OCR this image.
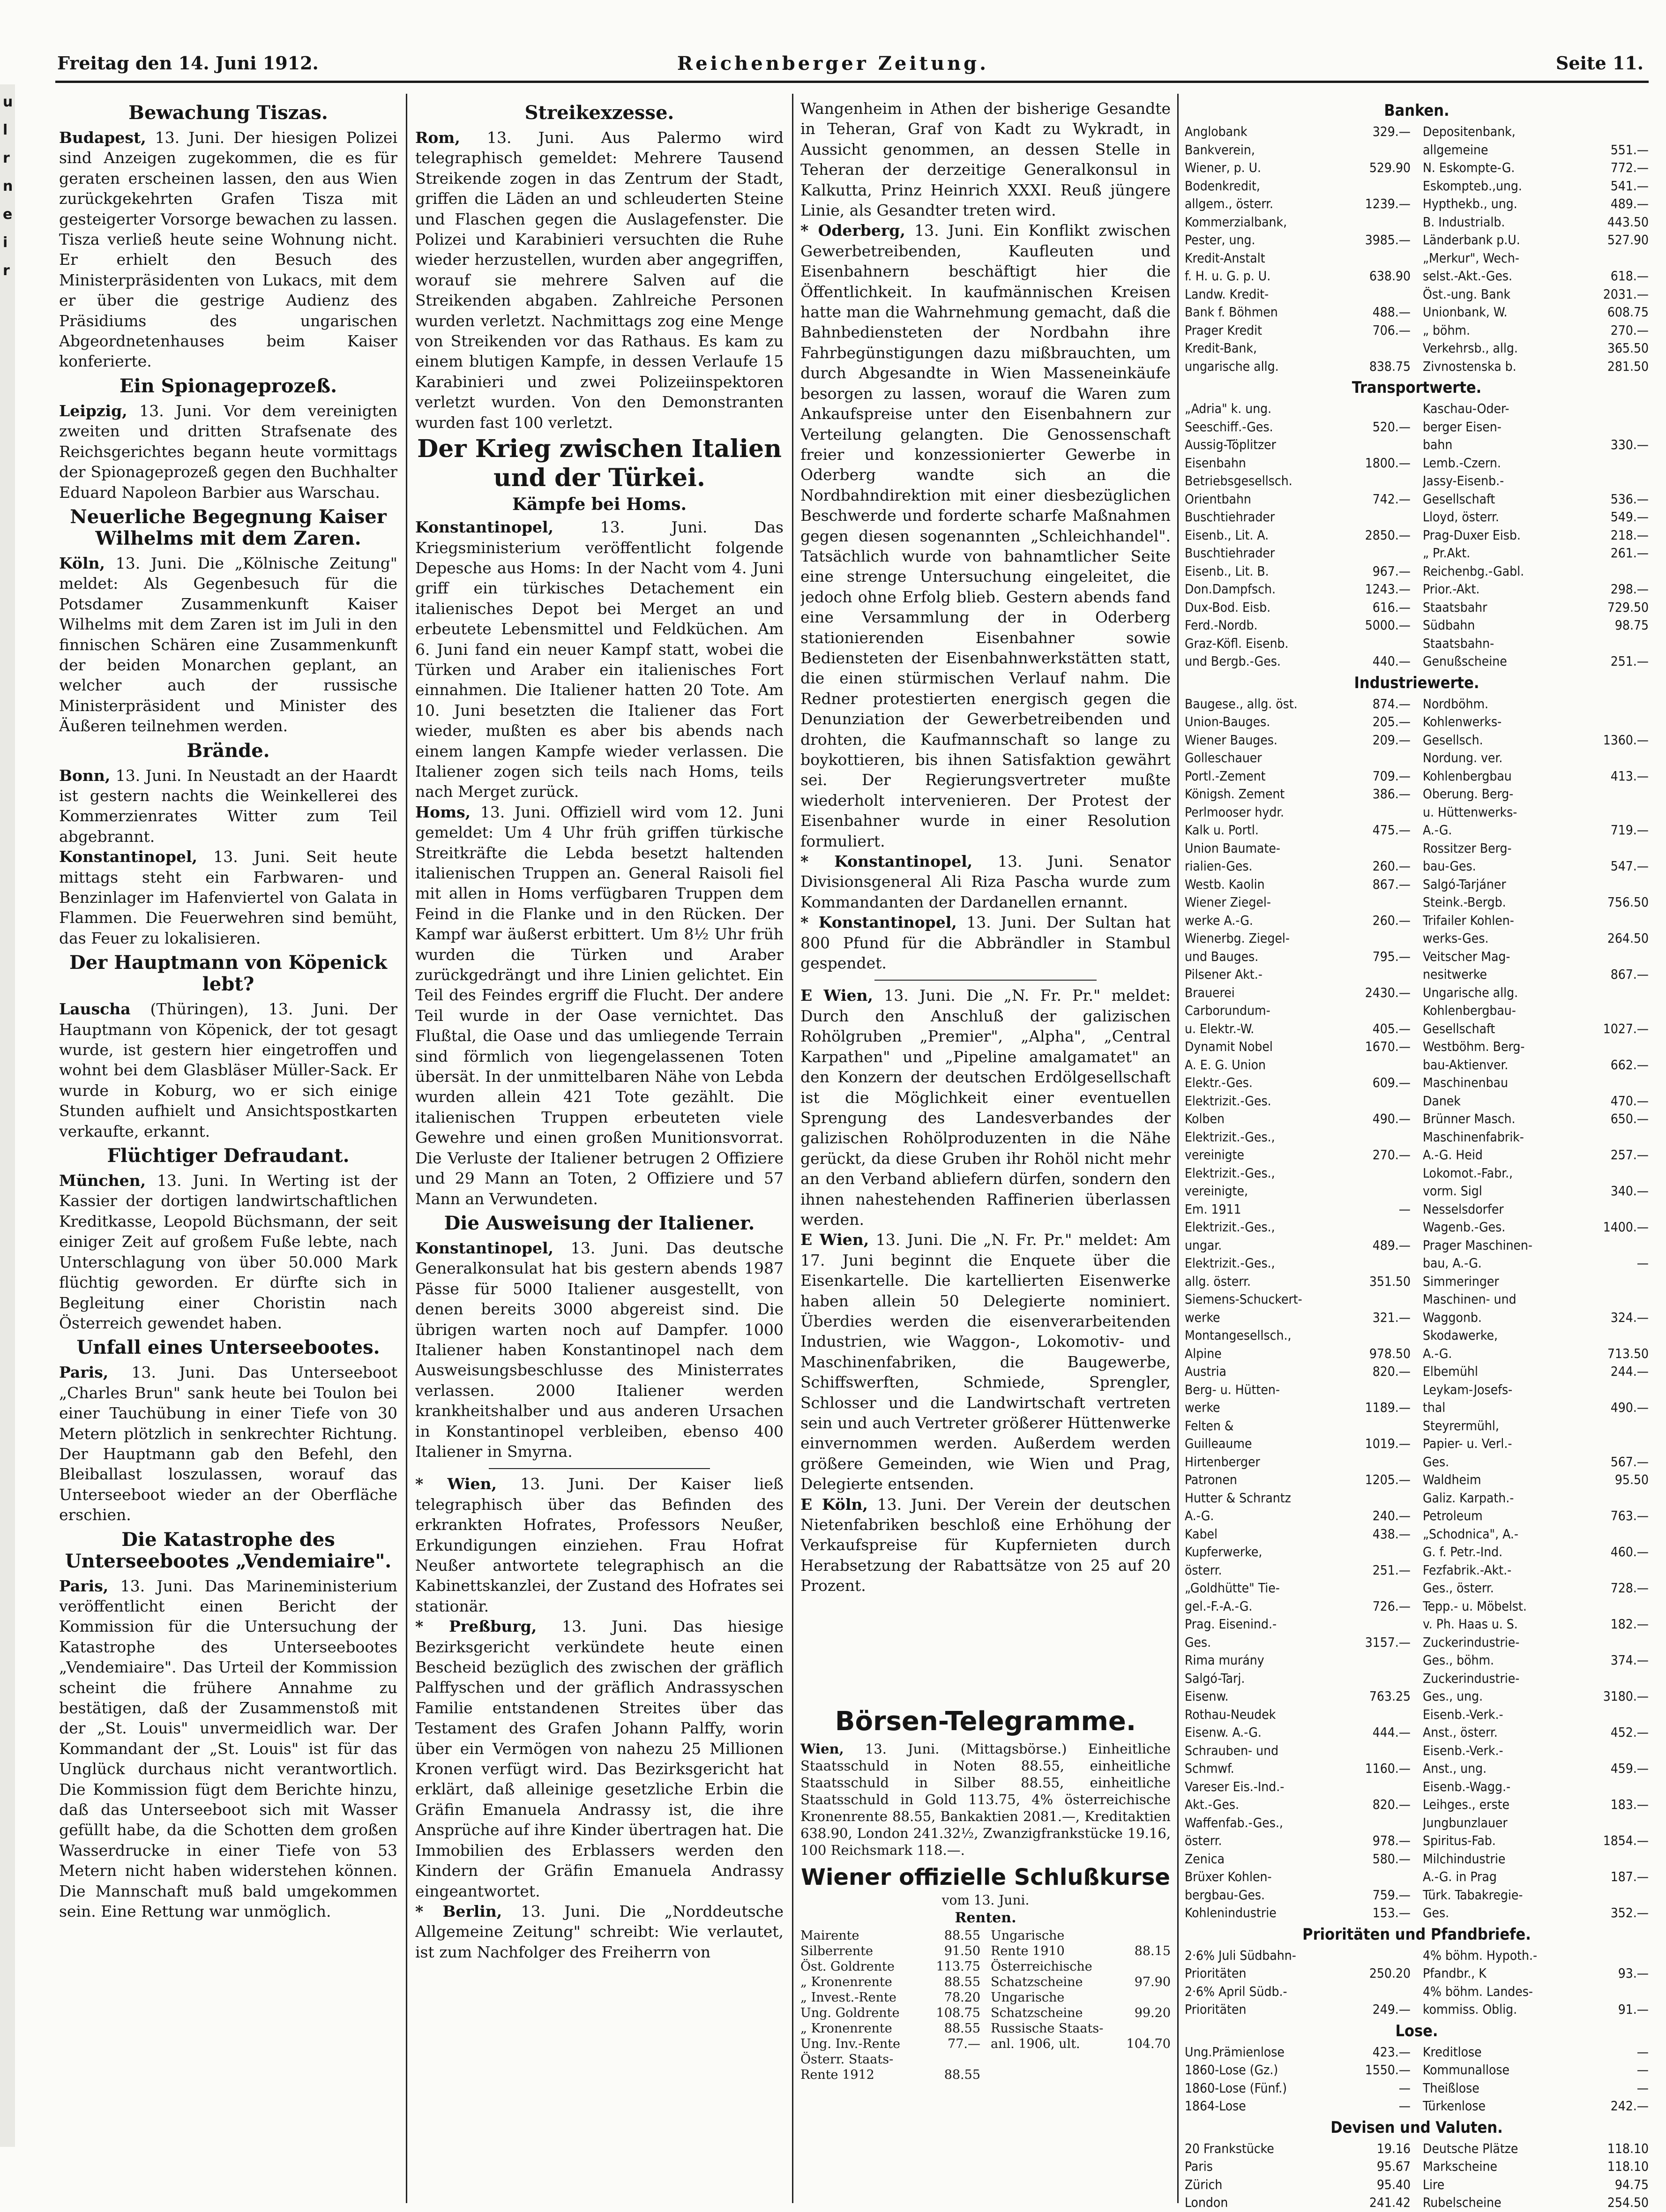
u
l
r
n
e
i
r
Freitag den 14. Juni 1912.	Reichenberger Zeitung.	Seite 11.
Bewachung Tiszas.

Budapest, 13. Juni. Der hiesigen Polizei sind Anzeigen zugekommen, die es für geraten erscheinen lassen, den aus Wien zurückgekehrten Grafen Tisza mit gesteigerter Vorsorge bewachen zu lassen. Tisza verließ heute seine Wohnung nicht. Er erhielt den Besuch des Ministerpräsidenten von Lukacs, mit dem er über die gestrige Audienz des Präsidiums des ungarischen Abgeordnetenhauses beim Kaiser konferierte.

Ein Spionageprozeß.

Leipzig, 13. Juni. Vor dem vereinigten zweiten und dritten Strafsenate des Reichsgerichtes begann heute vormittags der Spionageprozeß gegen den Buchhalter Eduard Napoleon Barbier aus Warschau.

Neuerliche Begegnung Kaiser Wilhelms mit dem Zaren.

Köln, 13. Juni. Die „Kölnische Zeitung" meldet: Als Gegenbesuch für die Potsdamer Zusammenkunft Kaiser Wilhelms mit dem Zaren ist im Juli in den finnischen Schären eine Zusammenkunft der beiden Monarchen geplant, an welcher auch der russische Ministerpräsident und Minister des Äußeren teilnehmen werden.

Brände.

Bonn, 13. Juni. In Neustadt an der Haardt ist gestern nachts die Weinkellerei des Kommerzienrates Witter zum Teil abgebrannt.

Konstantinopel, 13. Juni. Seit heute mittags steht ein Farbwaren- und Benzinlager im Hafenviertel von Galata in Flammen. Die Feuerwehren sind bemüht, das Feuer zu lokalisieren.

Der Hauptmann von Köpenick lebt?

Lauscha (Thüringen), 13. Juni. Der Hauptmann von Köpenick, der tot gesagt wurde, ist gestern hier eingetroffen und wohnt bei dem Glasbläser Müller-Sack. Er wurde in Koburg, wo er sich einige Stunden aufhielt und Ansichtspostkarten verkaufte, erkannt.

Flüchtiger Defraudant.

München, 13. Juni. In Werting ist der Kassier der dortigen landwirtschaftlichen Kreditkasse, Leopold Büchsmann, der seit einiger Zeit auf großem Fuße lebte, nach Unterschlagung von über 50.000 Mark flüchtig geworden. Er dürfte sich in Begleitung einer Choristin nach Österreich gewendet haben.

Unfall eines Unterseebootes.

Paris, 13. Juni. Das Unterseeboot „Charles Brun" sank heute bei Toulon bei einer Tauchübung in einer Tiefe von 30 Metern plötzlich in senkrechter Richtung. Der Hauptmann gab den Befehl, den Bleiballast loszulassen, worauf das Unterseeboot wieder an der Oberfläche erschien.

Die Katastrophe des Unterseebootes „Vendemiaire".

Paris, 13. Juni. Das Marineministerium veröffentlicht einen Bericht der Kommission für die Untersuchung der Katastrophe des Unterseebootes „Vendemiaire". Das Urteil der Kommission scheint die frühere Annahme zu bestätigen, daß der Zusammenstoß mit der „St. Louis" unvermeidlich war. Der Kommandant der „St. Louis" ist für das Unglück durchaus nicht verantwortlich. Die Kommission fügt dem Berichte hinzu, daß das Unterseeboot sich mit Wasser gefüllt habe, da die Schotten dem großen Wasserdrucke in einer Tiefe von 53 Metern nicht haben widerstehen können. Die Mannschaft muß bald umgekommen sein. Eine Rettung war unmöglich.

Streikexzesse.

Rom, 13. Juni. Aus Palermo wird telegraphisch gemeldet: Mehrere Tausend Streikende zogen in das Zentrum der Stadt, griffen die Läden an und schleuderten Steine und Flaschen gegen die Auslagefenster. Die Polizei und Karabinieri versuchten die Ruhe wieder herzustellen, wurden aber angegriffen, worauf sie mehrere Salven auf die Streikenden abgaben. Zahlreiche Personen wurden verletzt. Nachmittags zog eine Menge von Streikenden vor das Rathaus. Es kam zu einem blutigen Kampfe, in dessen Verlaufe 15 Karabinieri und zwei Polizeiinspektoren verletzt wurden. Von den Demonstranten wurden fast 100 verletzt.

Der Krieg zwischen Italien und der Türkei.
Kämpfe bei Homs.

Konstantinopel,	13. Juni. Das Kriegsministerium veröffentlicht folgende Depesche aus Homs: In der Nacht vom 4. Juni griff ein türkisches Detachement ein italienisches Depot bei Merget an und erbeutete Lebensmittel und Feldküchen. Am 6. Juni fand ein neuer Kampf statt, wobei die Türken und Araber ein italienisches Fort einnahmen. Die Italiener hatten 20 Tote. Am 10. Juni besetzten die Italiener das Fort wieder, mußten es aber bis abends nach einem langen Kampfe wieder verlassen. Die Italiener zogen sich teils nach Homs, teils nach Merget zurück.

Homs, 13. Juni. Offiziell wird vom 12. Juni gemeldet: Um 4 Uhr früh griffen türkische Streitkräfte die Lebda besetzt haltenden italienischen Truppen an. General Raisoli fiel mit allen in Homs verfügbaren Truppen dem Feind in die Flanke und in den Rücken. Der Kampf war äußerst erbittert. Um 8½ Uhr früh wurden die Türken und Araber zurückgedrängt und ihre Linien gelichtet. Ein Teil des Feindes ergriff die Flucht. Der andere Teil wurde in der Oase vernichtet. Das Flußtal, die Oase und das umliegende Terrain sind förmlich von liegengelassenen Toten übersät. In der unmittelbaren Nähe von Lebda wurden allein 421 Tote gezählt. Die italienischen Truppen erbeuteten viele Gewehre und einen großen Munitionsvorrat. Die Verluste der Italiener betrugen 2 Offiziere und 29 Mann an Toten, 2 Offiziere und 57 Mann an Verwundeten.

Die Ausweisung der Italiener.

Konstantinopel, 13. Juni. Das deutsche Generalkonsulat hat bis gestern abends 1987 Pässe für 5000 Italiener ausgestellt, von denen bereits 3000 abgereist sind. Die übrigen warten noch auf Dampfer. 1000 Italiener haben Konstantinopel nach dem Ausweisungsbeschlusse des Ministerrates verlassen. 2000 Italiener werden krankheitshalber und aus anderen Ursachen in Konstantinopel verbleiben, ebenso 400 Italiener in Smyrna.

* Wien, 13. Juni. Der Kaiser ließ telegraphisch über das Befinden des erkrankten Hofrates, Professors Neußer, Erkundigungen einziehen. Frau Hofrat Neußer antwortete telegraphisch an die Kabinettskanzlei, der Zustand des Hofrates sei stationär.

* Preßburg, 13. Juni. Das hiesige Bezirksgericht verkündete heute einen Bescheid bezüglich des zwischen der gräflich Palffyschen und der gräflich Andrassyschen Familie entstandenen Streites über das Testament des Grafen Johann Palffy, worin über ein Vermögen von nahezu 25 Millionen Kronen verfügt wird. Das Bezirksgericht hat erklärt, daß alleinige gesetzliche Erbin die Gräfin Emanuela Andrassy ist, die ihre Ansprüche auf ihre Kinder übertragen hat. Die Immobilien des Erblassers werden den Kindern der Gräfin Emanuela Andrassy eingeantwortet.

* Berlin, 13. Juni. Die „Norddeutsche Allgemeine Zeitung" schreibt: Wie verlautet, ist zum Nachfolger des Freiherrn von

Wangenheim in Athen der bisherige Gesandte in Teheran, Graf von Kadt zu Wykradt, in Aussicht genommen, an dessen Stelle in Teheran der derzeitige Generalkonsul in Kalkutta, Prinz Heinrich XXXI. Reuß jüngere Linie, als Gesandter treten wird.

* Oderberg, 13. Juni. Ein Konflikt zwischen Gewerbetreibenden, Kaufleuten und Eisenbahnern beschäftigt hier die Öffentlichkeit. In kaufmännischen Kreisen hatte man die Wahrnehmung gemacht, daß die Bahnbediensteten der Nordbahn ihre Fahrbegünstigungen dazu mißbrauchten, um durch Abgesandte in Wien Masseneinkäufe besorgen zu lassen, worauf die Waren zum Ankaufspreise unter den Eisenbahnern zur Verteilung gelangten. Die Genossenschaft freier und konzessionierter Gewerbe in Oderberg wandte sich an die Nordbahndirektion mit einer diesbezüglichen Beschwerde und forderte scharfe Maßnahmen gegen diesen sogenannten „Schleichhandel". Tatsächlich wurde von bahnamtlicher Seite eine strenge Untersuchung eingeleitet, die jedoch ohne Erfolg blieb. Gestern abends fand eine Versammlung der in Oderberg stationierenden Eisenbahner sowie Bediensteten der Eisenbahnwerkstätten statt, die einen stürmischen Verlauf nahm. Die Redner protestierten energisch gegen die Denunziation der Gewerbetreibenden und drohten, die Kaufmannschaft so lange zu boykottieren, bis ihnen Satisfaktion gewährt sei. Der Regierungsvertreter mußte wiederholt intervenieren. Der Protest der Eisenbahner wurde in einer Resolution formuliert.

* Konstantinopel, 13. Juni. Senator Divisionsgeneral Ali Riza Pascha wurde zum Kommandanten der Dardanellen ernannt.

* Konstantinopel, 13. Juni. Der Sultan hat 800 Pfund für die Abbrändler in Stambul gespendet.

E Wien, 13. Juni. Die „N. Fr. Pr." meldet: Durch den Anschluß der galizischen Rohölgruben „Premier", „Alpha", „Central Karpathen" und „Pipeline amalgamatet" an den Konzern der deutschen Erdölgesellschaft ist die Möglichkeit einer eventuellen Sprengung des Landesverbandes der galizischen Rohölproduzenten in die Nähe gerückt, da diese Gruben ihr Rohöl nicht mehr an den Verband abliefern dürfen, sondern den ihnen nahestehenden Raffinerien überlassen werden.

E Wien, 13. Juni. Die „N. Fr. Pr." meldet: Am 17. Juni beginnt die Enquete über die Eisenkartelle. Die kartellierten Eisenwerke haben allein 50 Delegierte nominiert. Überdies werden die eisenverarbeitenden Industrien, wie Waggon-, Lokomotiv- und Maschinenfabriken, die Baugewerbe, Schiffswerften, Schmiede, Sprengler, Schlosser und die Landwirtschaft vertreten sein und auch Vertreter größerer Hüttenwerke einvernommen werden. Außerdem werden größere Gemeinden, wie Wien und Prag, Delegierte entsenden.

E Köln, 13. Juni. Der Verein der deutschen Nietenfabriken beschloß eine Erhöhung der Verkaufspreise für Kupfernieten durch Herabsetzung der Rabattsätze von 25 auf 20 Prozent.

Börsen-Telegramme.

Wien, 13. Juni. (Mittagsbörse.) Einheitliche Staatsschuld in Noten 88.55, einheitliche Staatsschuld in Silber 88.55, einheitliche Staatsschuld in Gold 113.75, 4% österreichische Kronenrente 88.55, Bankaktien 2081.—, Kreditaktien 638.90, London 241.32½, Zwanzigfrankstücke 19.16, 100 Reichsmark 118.—.

Wiener offizielle Schlußkurse
vom 13. Juni.
Renten.
Mairente	88.55
Silberrente	91.50
Öst. Goldrente	113.75
„ Kronenrente	88.55
„ Invest.-Rente	78.20
Ung. Goldrente	108.75
„ Kronenrente	88.55
Ung. Inv.-Rente	77.—
Österr. Staats-
Rente 1912	88.55
Ungarische
Rente 1910	88.15
Österreichische
Schatzscheine	97.90
Ungarische
Schatzscheine	99.20
Russische Staats-
anl. 1906, ult.	104.70
Banken.
Anglobank	329.—
Bankverein,
Wiener, p. U.	529.90
Bodenkredit,
allgem., österr.	1239.—
Kommerzialbank,
Pester, ung.	3985.—
Kredit-Anstalt
f. H. u. G. p. U.	638.90
Landw. Kredit-
Bank f. Böhmen	488.—
Prager Kredit	706.—
Kredit-Bank,
ungarische allg.	838.75
Depositenbank,
allgemeine	551.—
N. Eskompte-G.	772.—
Eskompteb.,ung.	541.—
Hypthekb., ung.	489.—
B. Industrialb.	443.50
Länderbank p.U.	527.90
„Merkur", Wech-
selst.-Akt.-Ges.	618.—
Öst.-ung. Bank	2031.—
Unionbank, W.	608.75
„ böhm.	270.—
Verkehrsb., allg.	365.50
Zivnostenska b.	281.50
Transportwerte.
„Adria" k. ung.
Seeschiff.-Ges.	520.—
Aussig-Töplitzer
Eisenbahn	1800.—
Betriebsgesellsch.
Orientbahn	742.—
Buschtiehrader
Eisenb., Lit. A.	2850.—
Buschtiehrader
Eisenb., Lit. B.	967.—
Don.Dampfsch.	1243.—
Dux-Bod. Eisb.	616.—
Ferd.-Nordb.	5000.—
Graz-Köfl. Eisenb.
und Bergb.-Ges.	440.—
Kaschau-Oder-
berger Eisen-
bahn	330.—
Lemb.-Czern.
Jassy-Eisenb.-
Gesellschaft	536.—
Lloyd, österr.	549.—
Prag-Duxer Eisb.	218.—
„ Pr.Akt.	261.—
Reichenbg.-Gabl.
Prior.-Akt.	298.—
Staatsbahr	729.50
Südbahn	98.75
Staatsbahn-
Genußscheine	251.—
Industriewerte.
Baugese., allg. öst.	874.—
Union-Bauges.	205.—
Wiener Bauges.	209.—
Golleschauer
Portl.-Zement	709.—
Königsh. Zement	386.—
Perlmooser hydr.
Kalk u. Portl.	475.—
Union Baumate-
rialien-Ges.	260.—
Westb. Kaolin	867.—
Wiener Ziegel-
werke A.-G.	260.—
Wienerbg. Ziegel-
und Bauges.	795.—
Pilsener Akt.-
Brauerei	2430.—
Carborundum-
u. Elektr.-W.	405.—
Dynamit Nobel	1670.—
A. E. G. Union
Elektr.-Ges.	609.—
Elektrizit.-Ges.
Kolben	490.—
Elektrizit.-Ges.,
vereinigte	270.—
Elektrizit.-Ges.,
vereinigte,
Em. 1911	—
Elektrizit.-Ges.,
ungar.	489.—
Elektrizit.-Ges.,
allg. österr.	351.50
Siemens-Schuckert-
werke	321.—
Montangesellsch.,
Alpine	978.50
Austria	820.—
Berg- u. Hütten-
werke	1189.—
Felten &
Guilleaume	1019.—
Hirtenberger
Patronen	1205.—
Hutter & Schrantz
A.-G.	240.—
Kabel	438.—
Kupferwerke,
österr.	251.—
„Goldhütte" Tie-
gel.-F.-A.-G.	726.—
Prag. Eisenind.-
Ges.	3157.—
Rima murány
Salgó-Tarj.
Eisenw.	763.25
Rothau-Neudek
Eisenw. A.-G.	444.—
Schrauben- und
Schmwf.	1160.—
Vareser Eis.-Ind.-
Akt.-Ges.	820.—
Waffenfab.-Ges.,
österr.	978.—
Zenica	580.—
Brüxer Kohlen-
bergbau-Ges.	759.—
Kohlenindustrie	153.—
Nordböhm.
Kohlenwerks-
Gesellsch.	1360.—
Nordung. ver.
Kohlenbergbau	413.—
Oberung. Berg-
u. Hüttenwerks-
A.-G.	719.—
Rossitzer Berg-
bau-Ges.	547.—
Salgó-Tarjáner
Steink.-Bergb.	756.50
Trifailer Kohlen-
werks-Ges.	264.50
Veitscher Mag-
nesitwerke	867.—
Ungarische allg.
Kohlenbergbau-
Gesellschaft	1027.—
Westböhm. Berg-
bau-Aktienver.	662.—
Maschinenbau
Danek	470.—
Brünner Masch.	650.—
Maschinenfabrik-
A.-G. Heid	257.—
Lokomot.-Fabr.,
vorm. Sigl	340.—
Nesselsdorfer
Wagenb.-Ges.	1400.—
Prager Maschinen-
bau, A.-G.	—
Simmeringer
Maschinen- und
Waggonb.	324.—
Skodawerke,
A.-G.	713.50
Elbemühl	244.—
Leykam-Josefs-
thal	490.—
Steyrermühl,
Papier- u. Verl.-
Ges.	567.—
Waldheim	95.50
Galiz. Karpath.-
Petroleum	763.—
„Schodnica", A.-
G. f. Petr.-Ind.	460.—
Fezfabrik.-Akt.-
Ges., österr.	728.—
Tepp.- u. Möbelst.
v. Ph. Haas u. S.	182.—
Zuckerindustrie-
Ges., böhm.	374.—
Zuckerindustrie-
Ges., ung.	3180.—
Eisenb.-Verk.-
Anst., österr.	452.—
Eisenb.-Verk.-
Anst., ung.	459.—
Eisenb.-Wagg.-
Leihges., erste	183.—
Jungbunzlauer
Spiritus-Fab.	1854.—
Milchindustrie
A.-G. in Prag	187.—
Türk. Tabakregie-
Ges.	352.—
Prioritäten und Pfandbriefe.
2·6% Juli Südbahn-
Prioritäten	250.20
2·6% April Südb.-
Prioritäten	249.—
4% böhm. Hypoth.-
Pfandbr., K	93.—
4% böhm. Landes-
kommiss. Oblig.	91.—
Lose.
Ung.Prämienlose	423.—
1860-Lose (Gz.)	1550.—
1860-Lose (Fünf.)	—
1864-Lose	—
Kreditlose	—
Kommunallose	—
Theißlose	—
Türkenlose	242.—
Devisen und Valuten.
20 Frankstücke	19.16
Paris	95.67
Zürich	95.40
London	241.42
Deutsche Plätze	118.10
Markscheine	118.10
Lire	94.75
Rubelscheine	254.50
